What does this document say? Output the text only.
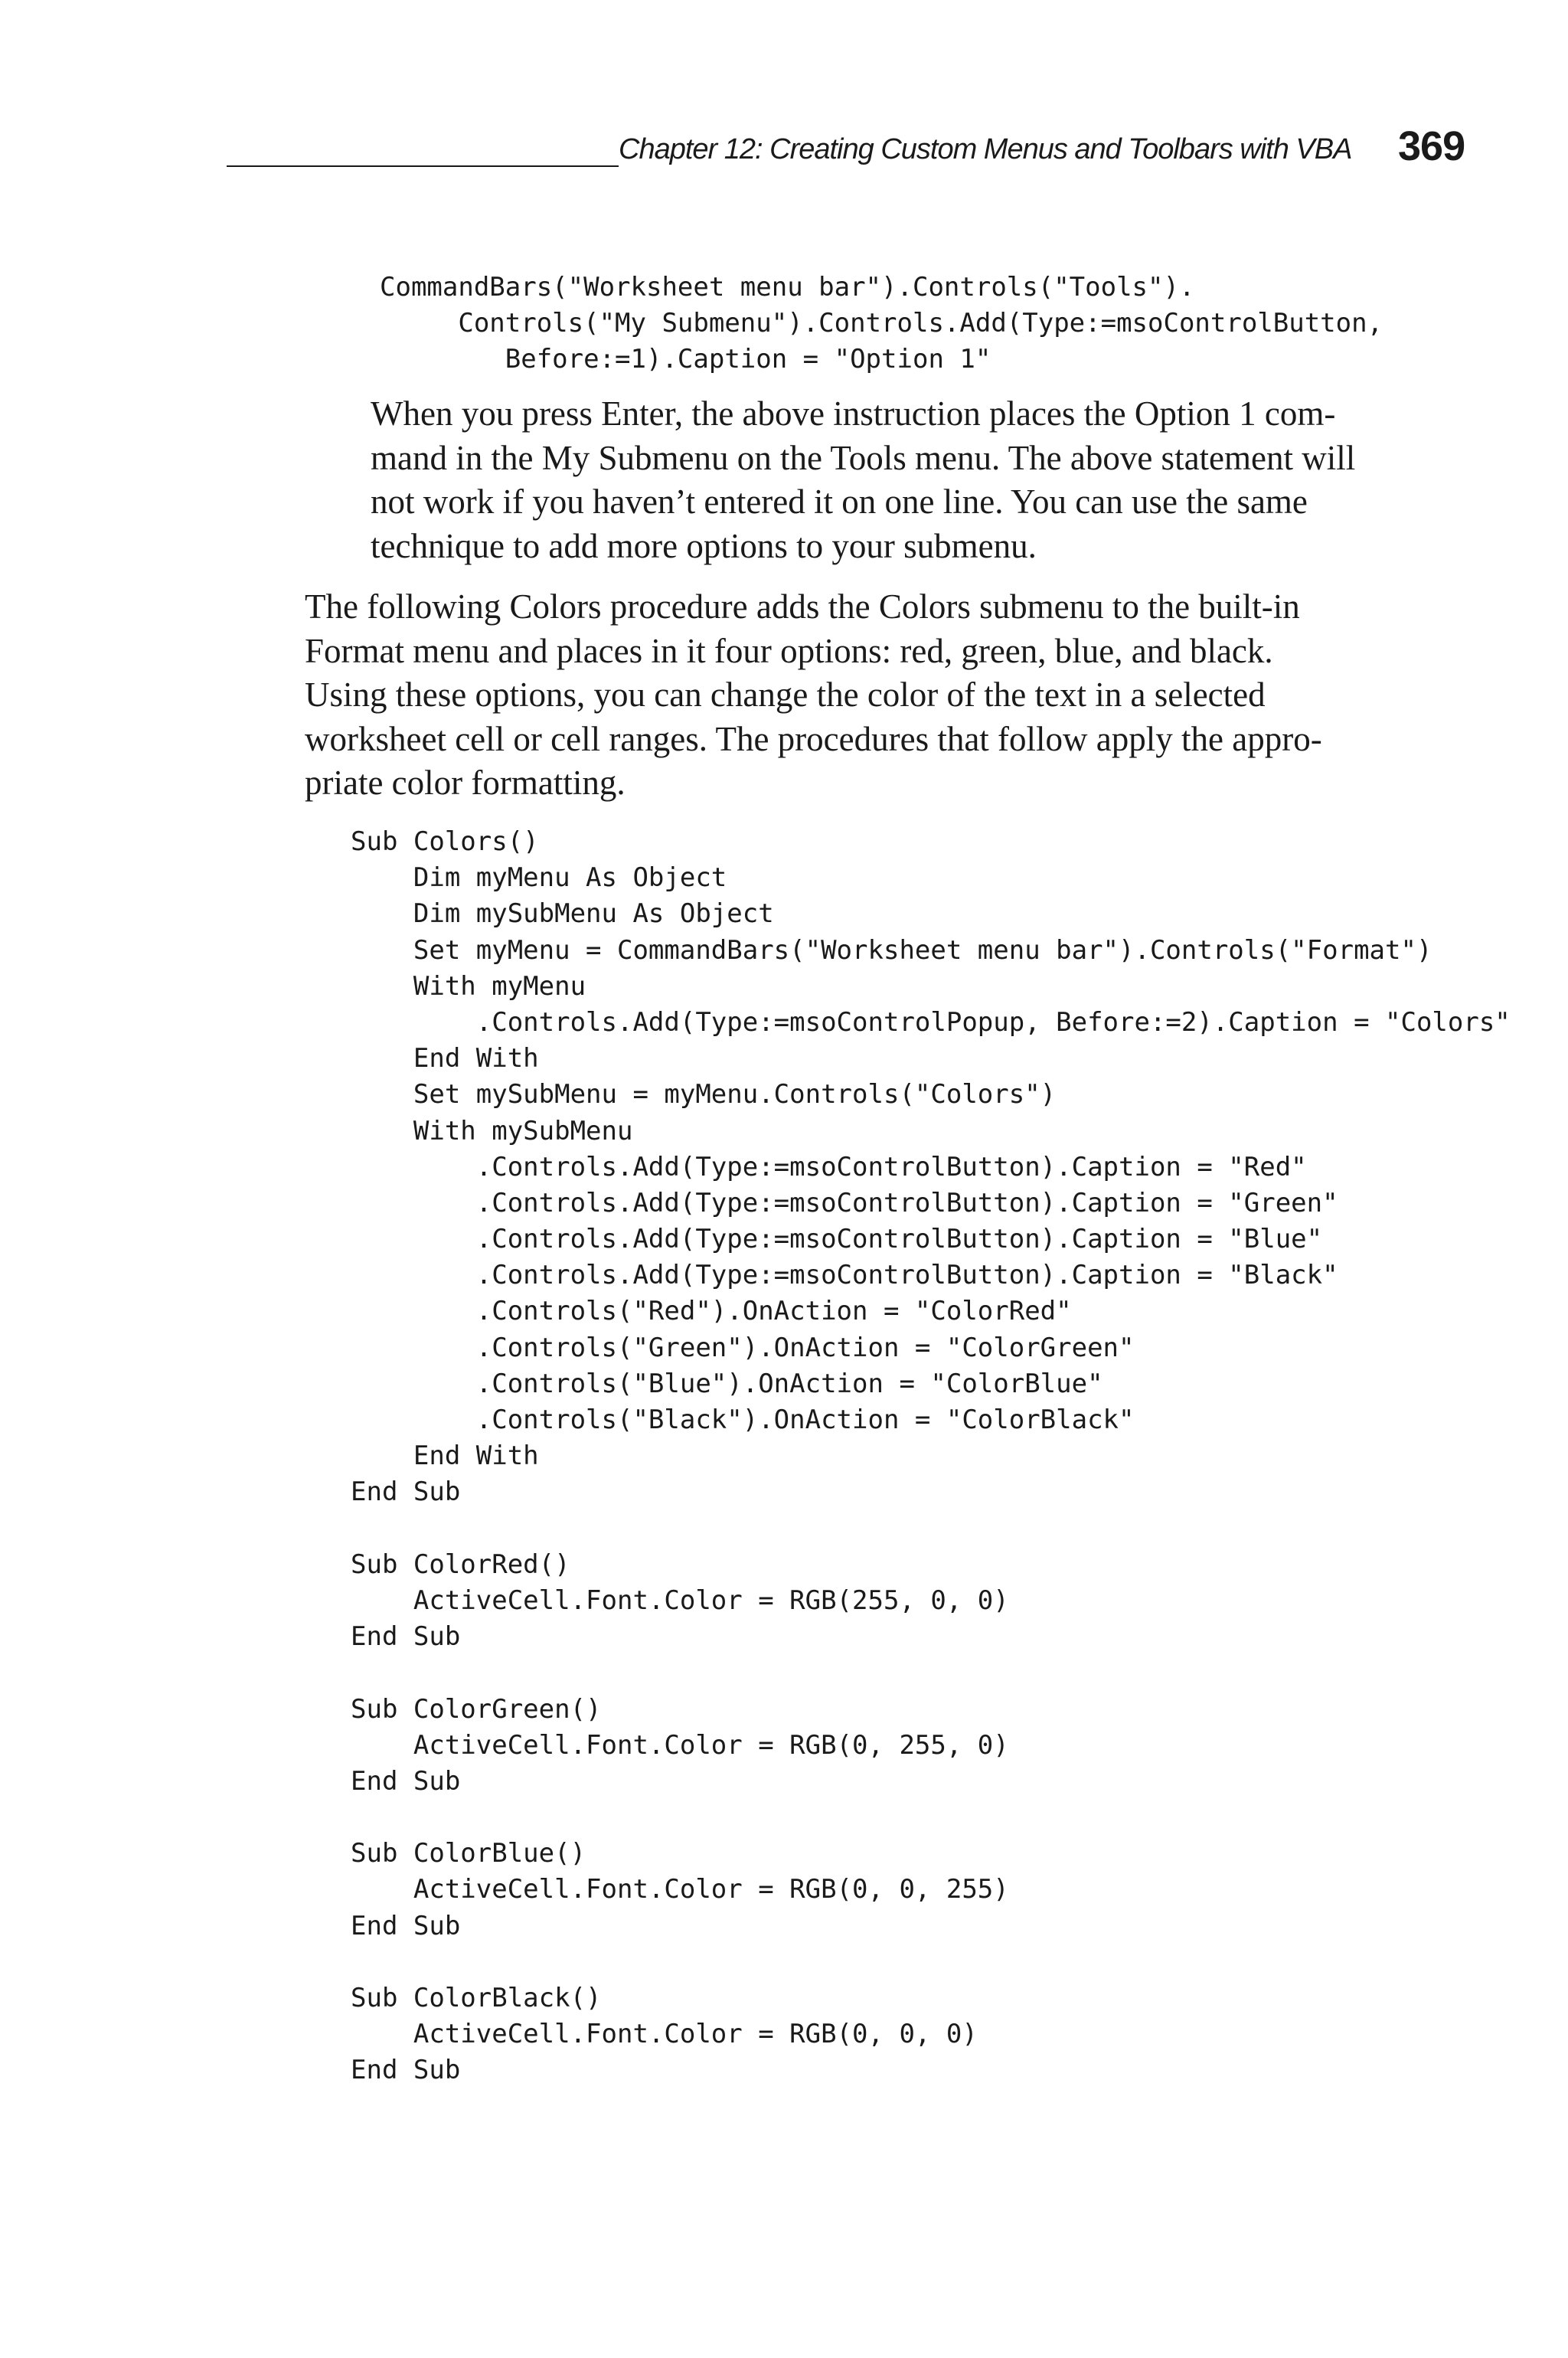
Chapter 12: Creating Custom Menus and Toolbars with VBA 369
CommandBars("Worksheet menu bar").Controls("Tools").
Controls("My Submenu").Controls.Add(Type:=msoControlButton,
Before:=1).Caption = "Option 1"
When you press Enter, the above instruction places the Option 1 com-
mand in the My Submenu on the Tools menu. The above statement will
not work if you haven’t entered it on one line. You can use the same
technique to add more options to your submenu.
The following Colors procedure adds the Colors submenu to the built-in
Format menu and places in it four options: red, green, blue, and black.
Using these options, you can change the color of the text in a selected
worksheet cell or cell ranges. The procedures that follow apply the appro-
priate color formatting.
Sub Colors()
Dim myMenu As Object
Dim mySubMenu As Object
Set myMenu = CommandBars("Worksheet menu bar").Controls("Format")
With myMenu
.Controls.Add(Type:=msoControlPopup, Before:=2).Caption = "Colors"
End With
Set mySubMenu = myMenu.Controls("Colors")
With mySubMenu
.Controls.Add(Type:=msoControlButton).Caption = "Red"
.Controls.Add(Type:=msoControlButton).Caption = "Green"
.Controls.Add(Type:=msoControlButton).Caption = "Blue"
.Controls.Add(Type:=msoControlButton).Caption = "Black"
.Controls("Red").OnAction = "ColorRed"
.Controls("Green").OnAction = "ColorGreen"
.Controls("Blue").OnAction = "ColorBlue"
.Controls("Black").OnAction = "ColorBlack"
End With
End Sub
Sub ColorRed()
ActiveCell.Font.Color = RGB(255, 0, 0)
End Sub
Sub ColorGreen()
ActiveCell.Font.Color = RGB(0, 255, 0)
End Sub
Sub ColorBlue()
ActiveCell.Font.Color = RGB(0, 0, 255)
End Sub
Sub ColorBlack()
ActiveCell.Font.Color = RGB(0, 0, 0)
End Sub
